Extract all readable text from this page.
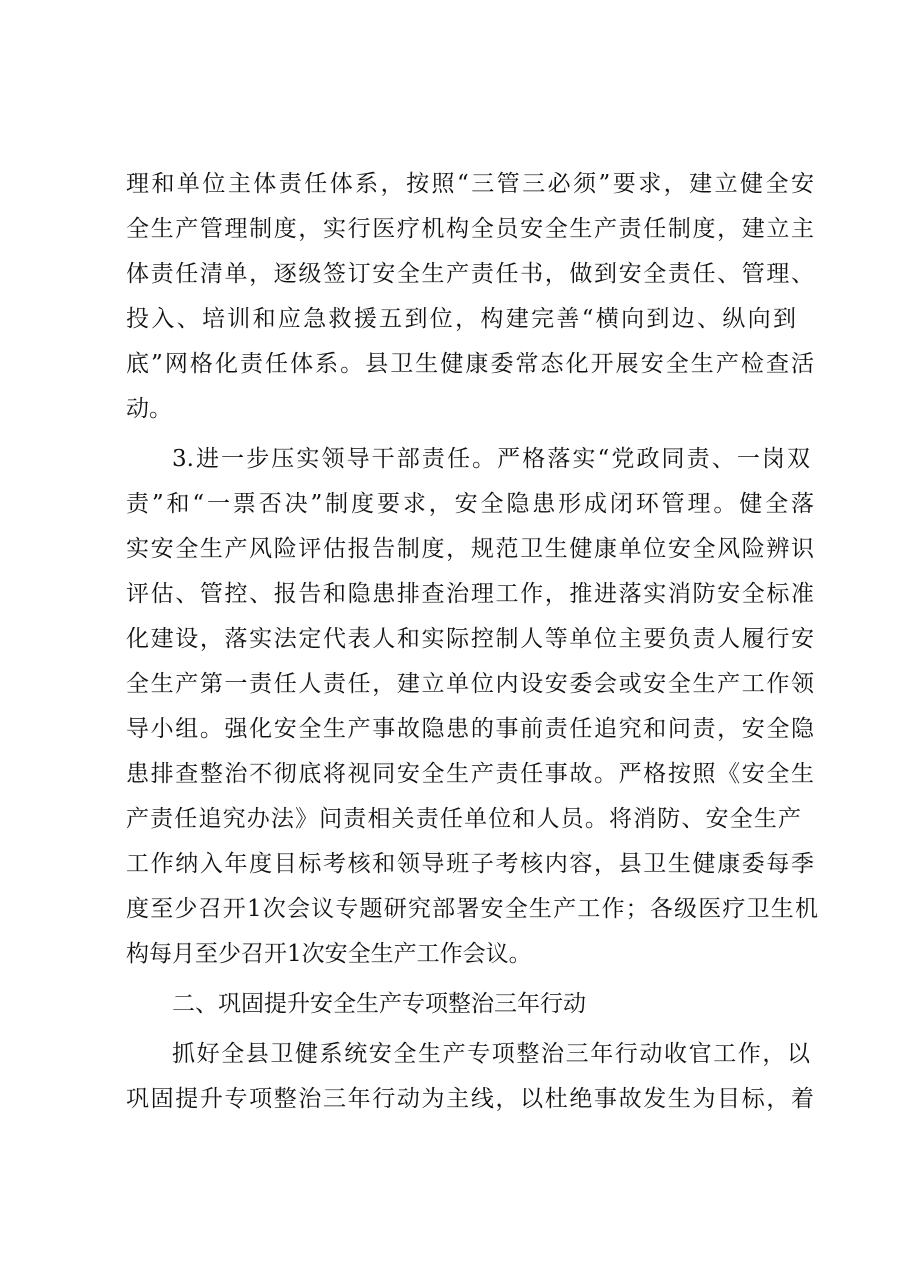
理和单位主体责任体系，按照“三管三必须”要求，建立健全安
全生产管理制度，实行医疗机构全员安全生产责任制度，建立主
体责任清单，逐级签订安全生产责任书，做到安全责任、管理、
投入、培训和应急救援五到位，构建完善“横向到边、纵向到
底”网格化责任体系。县卫生健康委常态化开展安全生产检查活
动。
3.进一步压实领导干部责任。严格落实“党政同责、一岗双
责”和“一票否决”制度要求，安全隐患形成闭环管理。健全落
实安全生产风险评估报告制度，规范卫生健康单位安全风险辨识
评估、管控、报告和隐患排查治理工作，推进落实消防安全标准
化建设，落实法定代表人和实际控制人等单位主要负责人履行安
全生产第一责任人责任，建立单位内设安委会或安全生产工作领
导小组。强化安全生产事故隐患的事前责任追究和问责，安全隐
患排查整治不彻底将视同安全生产责任事故。严格按照《安全生
产责任追究办法》问责相关责任单位和人员。将消防、安全生产
工作纳入年度目标考核和领导班子考核内容，县卫生健康委每季
度至少召开1次会议专题研究部署安全生产工作；各级医疗卫生机
构每月至少召开1次安全生产工作会议。
二、巩固提升安全生产专项整治三年行动
抓好全县卫健系统安全生产专项整治三年行动收官工作，以
巩固提升专项整治三年行动为主线，以杜绝事故发生为目标，着
